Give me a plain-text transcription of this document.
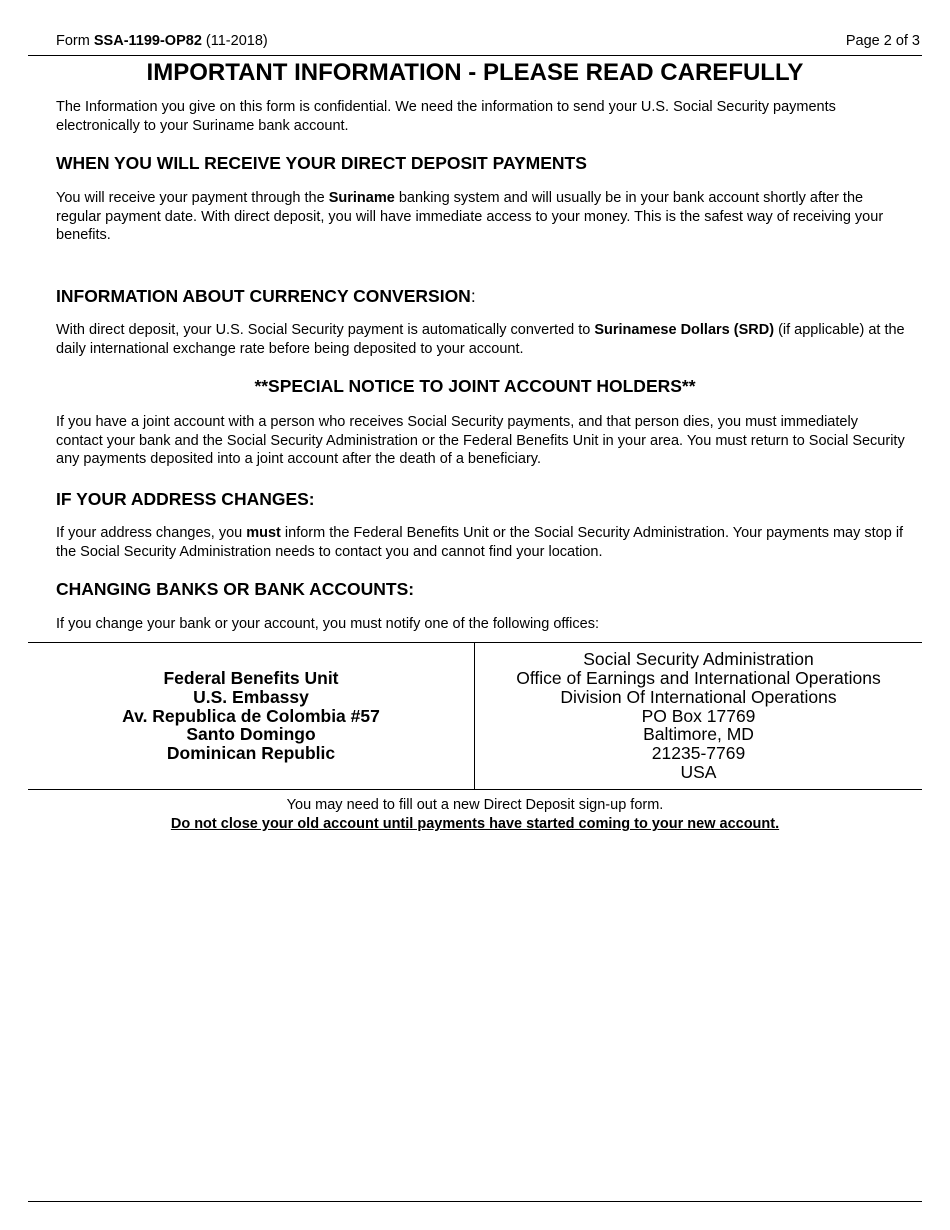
Form SSA-1199-OP82 (11-2018)	Page 2 of 3
IMPORTANT INFORMATION - PLEASE READ CAREFULLY

The Information you give on this form is confidential. We need the information to send your U.S. Social Security payments electronically to your Suriname bank account.

WHEN YOU WILL RECEIVE YOUR DIRECT DEPOSIT PAYMENTS

You will receive your payment through the Suriname banking system and will usually be in your bank account shortly after the regular payment date. With direct deposit, you will have immediate access to your money. This is the safest way of receiving your benefits.

INFORMATION ABOUT CURRENCY CONVERSION:

With direct deposit, your U.S. Social Security payment is automatically converted to Surinamese Dollars (SRD) (if applicable) at the daily international exchange rate before being deposited to your account.

**SPECIAL NOTICE TO JOINT ACCOUNT HOLDERS**

If you have a joint account with a person who receives Social Security payments, and that person dies, you must immediately contact your bank and the Social Security Administration or the Federal Benefits Unit in your area. You must return to Social Security any payments deposited into a joint account after the death of a beneficiary.

IF YOUR ADDRESS CHANGES:

If your address changes, you must inform the Federal Benefits Unit or the Social Security Administration. Your payments may stop if the Social Security Administration needs to contact you and cannot find your location.

CHANGING BANKS OR BANK ACCOUNTS:

If you change your bank or your account, you must notify one of the following offices:

Federal Benefits Unit
U.S. Embassy
Av. Republica de Colombia #57
Santo Domingo
Dominican Republic
Social Security Administration
Office of Earnings and International Operations
Division Of International Operations
PO Box 17769
Baltimore, MD
21235-7769
USA

You may need to fill out a new Direct Deposit sign-up form.

Do not close your old account until payments have started coming to your new account.
